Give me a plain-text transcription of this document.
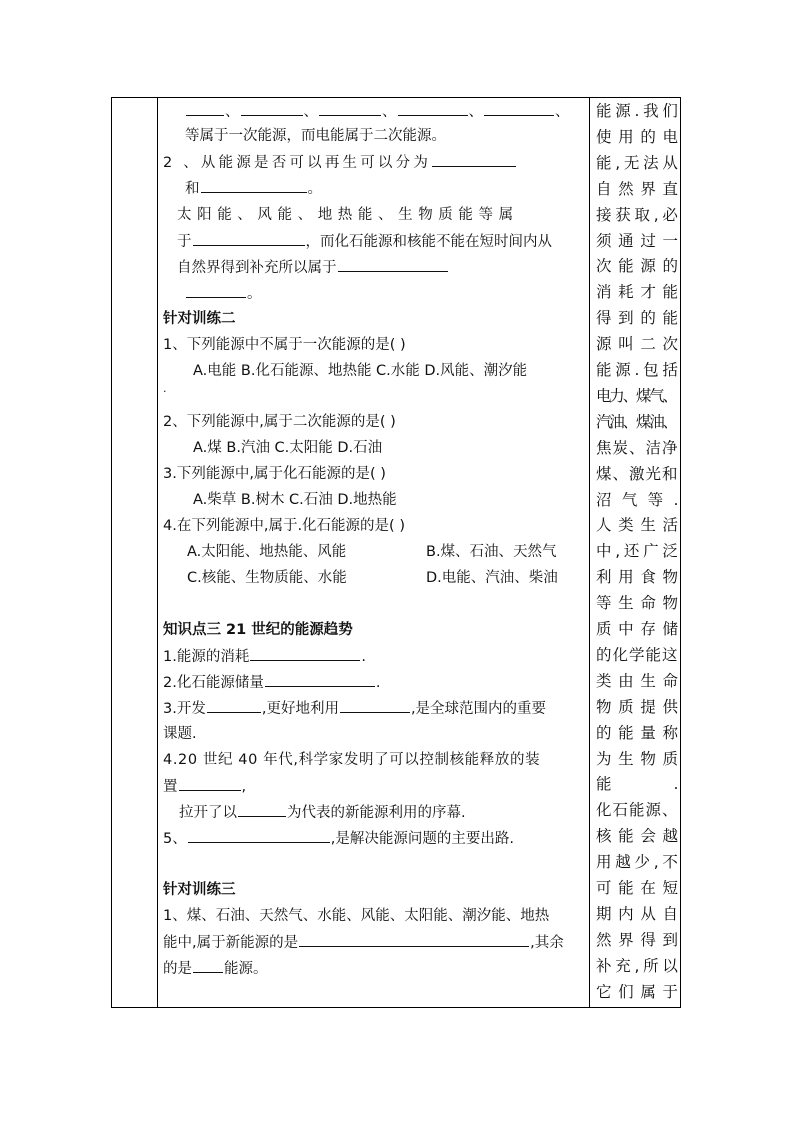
、	、	、	、	、
等属于一次能源，而电能属于二次能源。
2 、从能源是否可以再生可以分为
和	。
太阳能、风能、地热能、生物质能等属
于	，而化石能源和核能不能在短时间内从
自然界得到补充所以属于
。
针对训练二
1、下列能源中不属于一次能源的是( )
A.电能 B.化石能源、地热能 C.水能 D.风能、潮汐能
.
2、下列能源中,属于二次能源的是( )
A.煤 B.汽油 C.太阳能 D.石油
3.下列能源中,属于化石能源的是( )
A.柴草 B.树木 C.石油 D.地热能
4.在下列能源中,属于.化石能源的是( )
A.太阳能、地热能、风能	B.煤、石油、天然气
C.核能、生物质能、水能	D.电能、汽油、柴油
知识点三 21 世纪的能源趋势
1.能源的消耗	.
2.化石能源储量	.
3.开发	,更好地利用	,是全球范围内的重要
课题.
4.20 世纪 40 年代,科学家发明了可以控制核能释放的装
置	,
拉开了以	为代表的新能源利用的序幕.
5、	,是解决能源问题的主要出路.
针对训练三
1、煤、石油、天然气、水能、风能、太阳能、潮汐能、地热
能中,属于新能源的是	,其余
的是 能源。
能源.我们
使用的电
能,无法从
自然界直
接获取,必
须通过一
次能源的
消耗才能
得到的能
源叫二次
能源.包括
电力、煤气、
汽油、煤油、
焦炭、洁净
煤、激光和
沼气等.
人类生活
中,还广泛
利用食物
等生命物
质中存储
的化学能这
类由生命
物质提供
的能量称
为生物质
能.
化石能源、
核能会越
用越少,不
可能在短
期内从自
然界得到
补充,所以
它们属于
